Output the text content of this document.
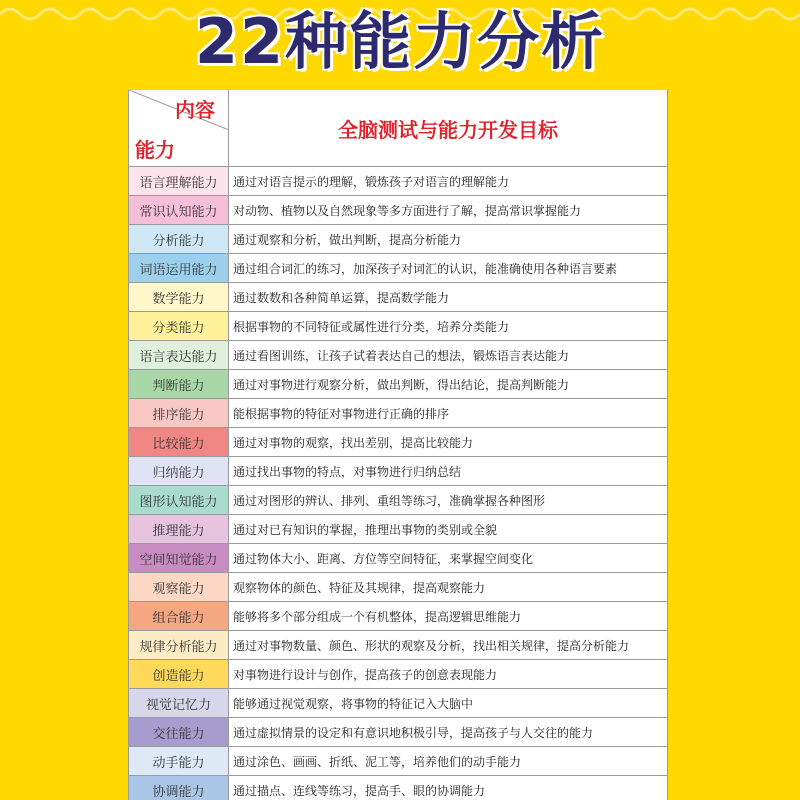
22种能力分析
内容
能力
全脑测试与能力开发目标
语言理解能力	通过对语言提示的理解，锻炼孩子对语言的理解能力
常识认知能力	对动物、植物以及自然现象等多方面进行了解，提高常识掌握能力
分析能力	通过观察和分析，做出判断，提高分析能力
词语运用能力	通过组合词汇的练习，加深孩子对词汇的认识，能准确使用各种语言要素
数学能力	通过数数和各种简单运算，提高数学能力
分类能力	根据事物的不同特征或属性进行分类，培养分类能力
语言表达能力	通过看图训练，让孩子试着表达自己的想法，锻炼语言表达能力
判断能力	通过对事物进行观察分析，做出判断，得出结论，提高判断能力
排序能力	能根据事物的特征对事物进行正确的排序
比较能力	通过对事物的观察，找出差别，提高比较能力
归纳能力	通过找出事物的特点，对事物进行归纳总结
图形认知能力	通过对图形的辨认、排列、重组等练习，准确掌握各种图形
推理能力	通过对已有知识的掌握，推理出事物的类别或全貌
空间知觉能力	通过物体大小、距离、方位等空间特征，来掌握空间变化
观察能力	观察物体的颜色、特征及其规律，提高观察能力
组合能力	能够将多个部分组成一个有机整体，提高逻辑思维能力
规律分析能力	通过对事物数量、颜色、形状的观察及分析，找出相关规律，提高分析能力
创造能力	对事物进行设计与创作，提高孩子的创意表现能力
视觉记忆力	能够通过视觉观察，将事物的特征记入大脑中
交往能力	通过虚拟情景的设定和有意识地积极引导，提高孩子与人交往的能力
动手能力	通过涂色、画画、折纸、泥工等，培养他们的动手能力
协调能力	通过描点、连线等练习，提高手、眼的协调能力
